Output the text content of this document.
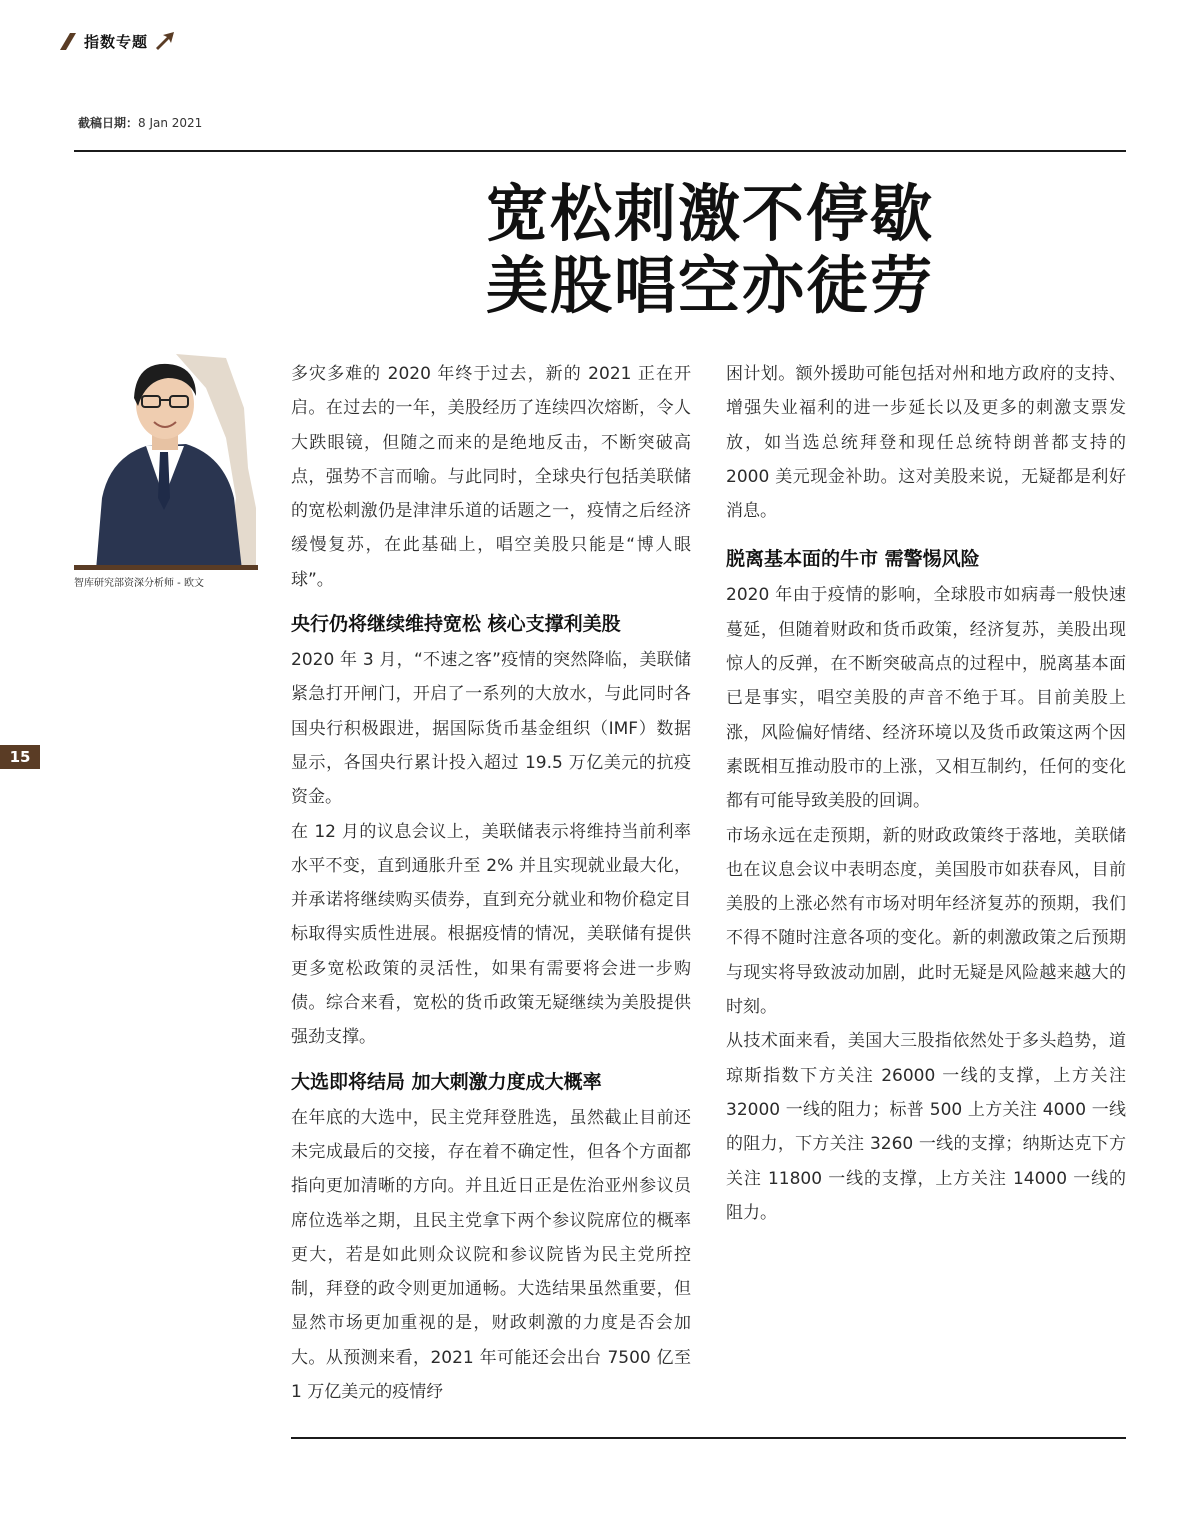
指数专题
截稿日期：8 Jan 2021
宽松刺激不停歇
美股唱空亦徒劳
智库研究部资深分析师 - 欧文
15

多灾多难的 2020 年终于过去，新的 2021 正在开启。在过去的一年，美股经历了连续四次熔断，令人大跌眼镜，但随之而来的是绝地反击，不断突破高点，强势不言而喻。与此同时，全球央行包括美联储的宽松刺激仍是津津乐道的话题之一，疫情之后经济缓慢复苏，在此基础上，唱空美股只能是“博人眼球”。

央行仍将继续维持宽松 核心支撑利美股

2020 年 3 月，“不速之客”疫情的突然降临，美联储紧急打开闸门，开启了一系列的大放水，与此同时各国央行积极跟进，据国际货币基金组织（IMF）数据显示，各国央行累计投入超过 19.5 万亿美元的抗疫资金。

在 12 月的议息会议上，美联储表示将维持当前利率水平不变，直到通胀升至 2% 并且实现就业最大化，并承诺将继续购买债券，直到充分就业和物价稳定目标取得实质性进展。根据疫情的情况，美联储有提供更多宽松政策的灵活性，如果有需要将会进一步购债。综合来看，宽松的货币政策无疑继续为美股提供强劲支撑。

大选即将结局 加大刺激力度成大概率

在年底的大选中，民主党拜登胜选，虽然截止目前还未完成最后的交接，存在着不确定性，但各个方面都指向更加清晰的方向。并且近日正是佐治亚州参议员席位选举之期，且民主党拿下两个参议院席位的概率更大，若是如此则众议院和参议院皆为民主党所控制，拜登的政令则更加通畅。大选结果虽然重要，但显然市场更加重视的是，财政刺激的力度是否会加大。从预测来看，2021 年可能还会出台 7500 亿至 1 万亿美元的疫情纾

困计划。额外援助可能包括对州和地方政府的支持、增强失业福利的进一步延长以及更多的刺激支票发放，如当选总统拜登和现任总统特朗普都支持的 2000 美元现金补助。这对美股来说，无疑都是利好消息。

脱离基本面的牛市 需警惕风险

2020 年由于疫情的影响，全球股市如病毒一般快速蔓延，但随着财政和货币政策，经济复苏，美股出现惊人的反弹，在不断突破高点的过程中，脱离基本面已是事实，唱空美股的声音不绝于耳。目前美股上涨，风险偏好情绪、经济环境以及货币政策这两个因素既相互推动股市的上涨，又相互制约，任何的变化都有可能导致美股的回调。

市场永远在走预期，新的财政政策终于落地，美联储也在议息会议中表明态度，美国股市如获春风，目前美股的上涨必然有市场对明年经济复苏的预期，我们不得不随时注意各项的变化。新的刺激政策之后预期与现实将导致波动加剧，此时无疑是风险越来越大的时刻。

从技术面来看，美国大三股指依然处于多头趋势，道琼斯指数下方关注 26000 一线的支撑，上方关注 32000 一线的阻力；标普 500 上方关注 4000 一线的阻力，下方关注 3260 一线的支撑；纳斯达克下方关注 11800 一线的支撑，上方关注 14000 一线的阻力。
